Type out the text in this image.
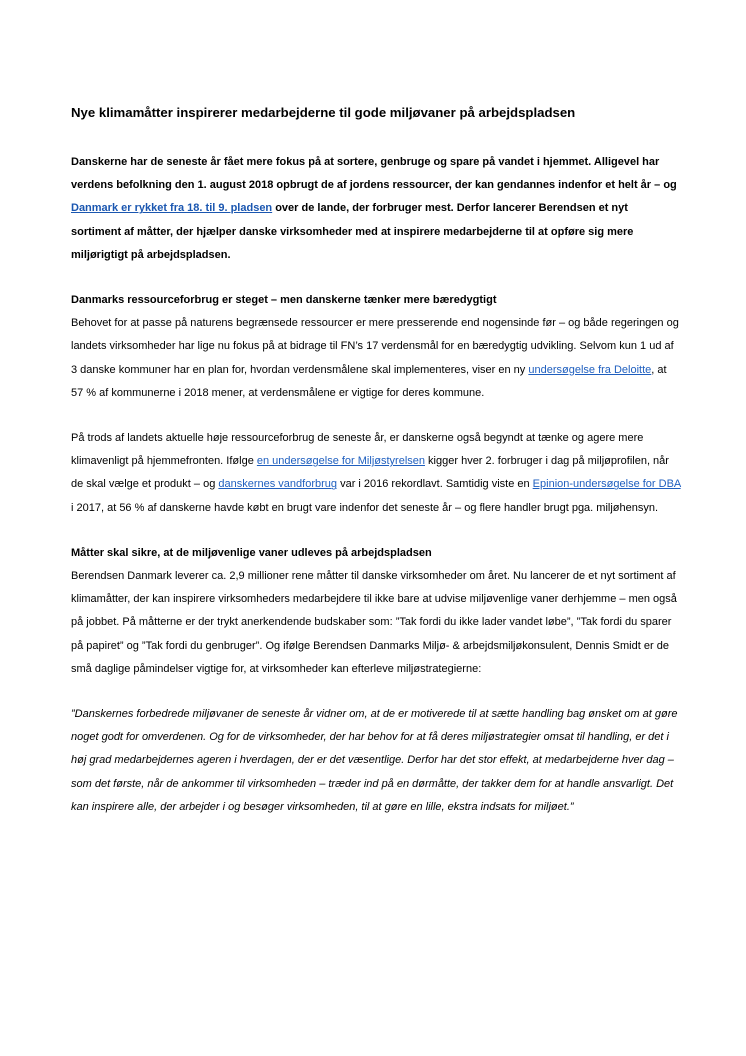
Nye klimamåtter inspirerer medarbejderne til gode miljøvaner på arbejdspladsen

Danskerne har de seneste år fået mere fokus på at sortere, genbruge og spare på vandet i hjemmet. Alligevel har verdens befolkning den 1. august 2018 opbrugt de af jordens ressourcer, der kan gendannes indenfor et helt år – og Danmark er rykket fra 18. til 9. pladsen over de lande, der forbruger mest. Derfor lancerer Berendsen et nyt sortiment af måtter, der hjælper danske virksomheder med at inspirere medarbejderne til at opføre sig mere miljørigtigt på arbejdspladsen.

Danmarks ressourceforbrug er steget – men danskerne tænker mere bæredygtigt

Behovet for at passe på naturens begrænsede ressourcer er mere presserende end nogensinde før – og både regeringen og landets virksomheder har lige nu fokus på at bidrage til FN’s 17 verdensmål for en bæredygtig udvikling. Selvom kun 1 ud af 3 danske kommuner har en plan for, hvordan verdensmålene skal implementeres, viser en ny undersøgelse fra Deloitte, at 57 % af kommunerne i 2018 mener, at verdensmålene er vigtige for deres kommune.

På trods af landets aktuelle høje ressourceforbrug de seneste år, er danskerne også begyndt at tænke og agere mere klimavenligt på hjemmefronten. Ifølge en undersøgelse for Miljøstyrelsen kigger hver 2. forbruger i dag på miljøprofilen, når de skal vælge et produkt – og danskernes vandforbrug var i 2016 rekordlavt. Samtidig viste en Epinion-undersøgelse for DBA i 2017, at 56 % af danskerne havde købt en brugt vare indenfor det seneste år – og flere handler brugt pga. miljøhensyn.

Måtter skal sikre, at de miljøvenlige vaner udleves på arbejdspladsen

Berendsen Danmark leverer ca. 2,9 millioner rene måtter til danske virksomheder om året. Nu lancerer de et nyt sortiment af klimamåtter, der kan inspirere virksomheders medarbejdere til ikke bare at udvise miljøvenlige vaner derhjemme – men også på jobbet. På måtterne er der trykt anerkendende budskaber som: ”Tak fordi du ikke lader vandet løbe”, ”Tak fordi du sparer på papiret” og ”Tak fordi du genbruger”. Og ifølge Berendsen Danmarks Miljø- & arbejdsmiljøkonsulent, Dennis Smidt er de små daglige påmindelser vigtige for, at virksomheder kan efterleve miljøstrategierne:

”Danskernes forbedrede miljøvaner de seneste år vidner om, at de er motiverede til at sætte handling bag ønsket om at gøre noget godt for omverdenen. Og for de virksomheder, der har behov for at få deres miljøstrategier omsat til handling, er det i høj grad medarbejdernes ageren i hverdagen, der er det væsentlige. Derfor har det stor effekt, at medarbejderne hver dag – som det første, når de ankommer til virksomheden – træder ind på en dørmåtte, der takker dem for at handle ansvarligt. Det kan inspirere alle, der arbejder i og besøger virksomheden, til at gøre en lille, ekstra indsats for miljøet.”
